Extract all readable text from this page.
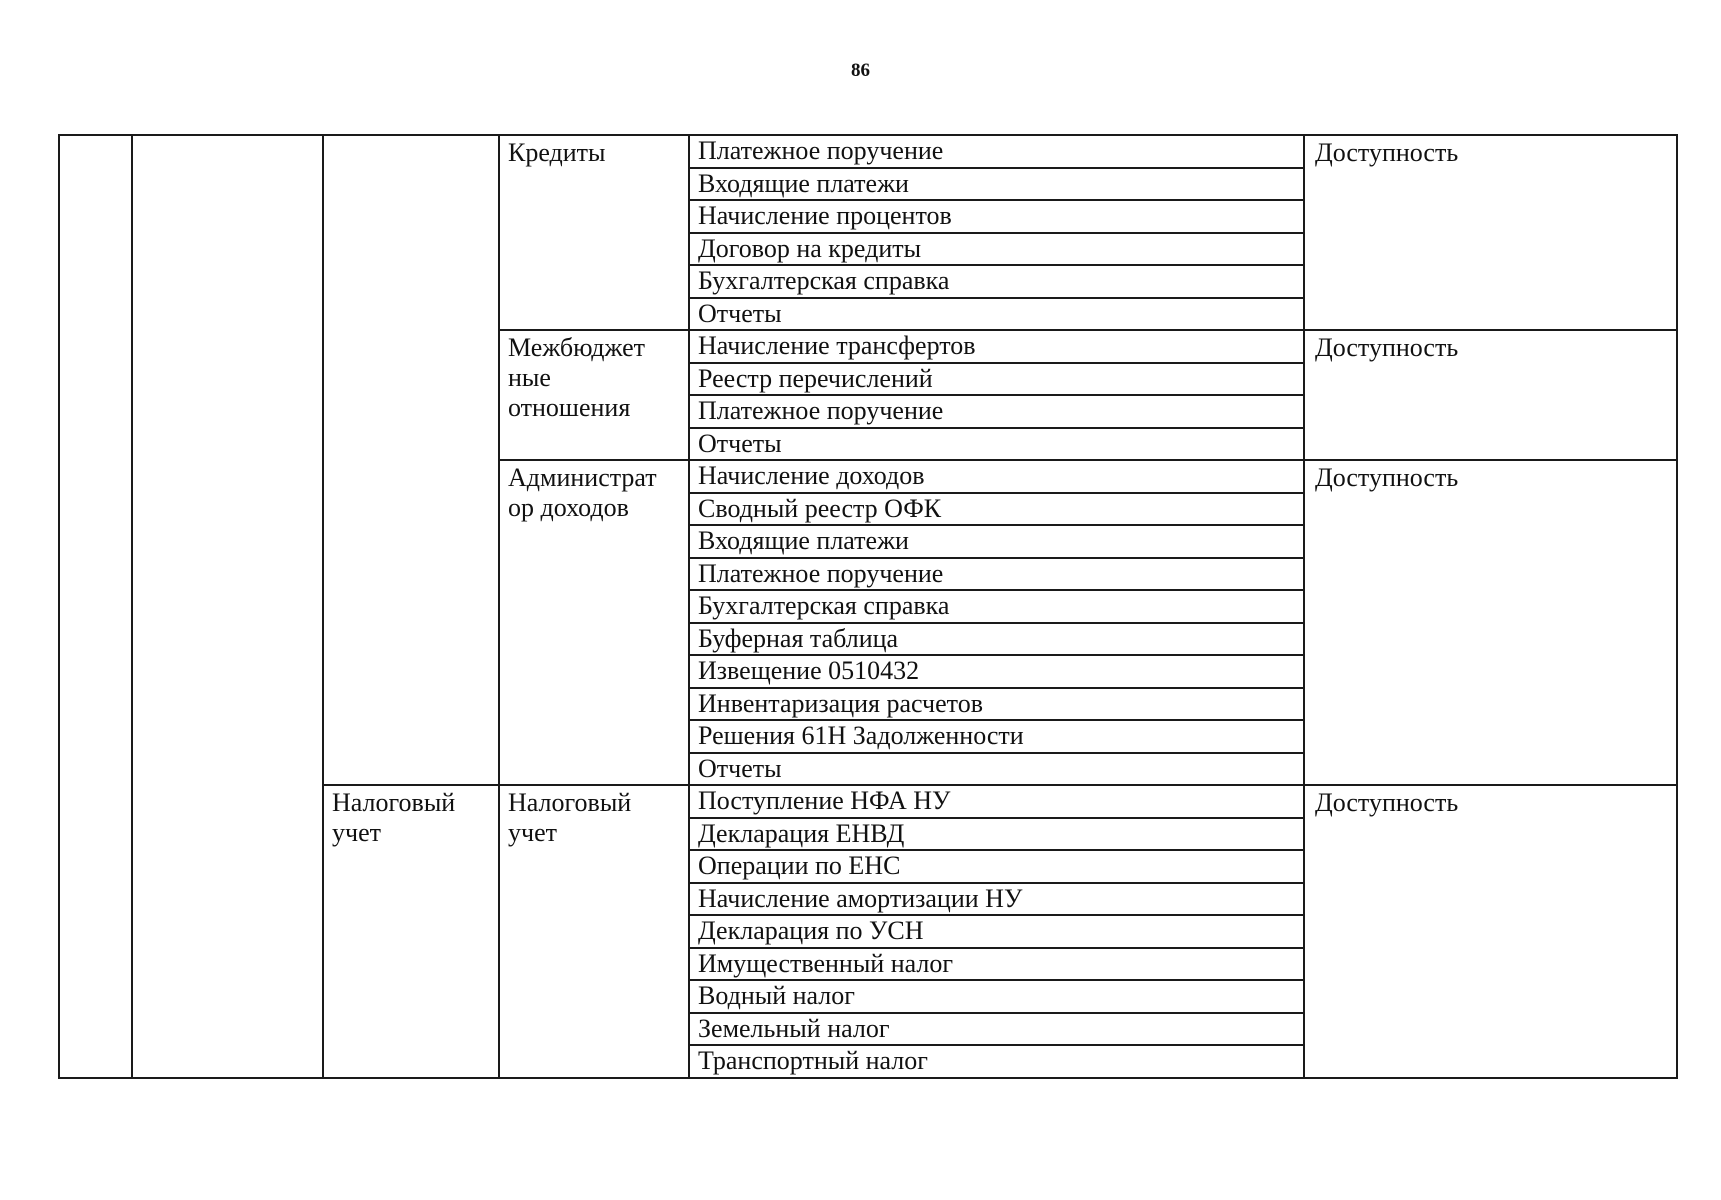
86

			Кредиты	Платежное поручение	Доступность
				Входящие платежи	
				Начисление процентов	
				Договор на кредиты	
				Бухгалтерская справка	
				Отчеты	

			Межбюджет
ные
отношения	Начисление трансфертов	Доступность
				Реестр перечислений	
				Платежное поручение	
				Отчеты	

			Администрат
ор доходов	Начисление доходов	Доступность
				Сводный реестр ОФК	
				Входящие платежи	
				Платежное поручение	
				Бухгалтерская справка	
				Буферная таблица	
				Извещение 0510432	
				Инвентаризация расчетов	
				Решения 61Н Задолженности	
				Отчеты	

		Налоговый
учет	Налоговый
учет	Поступление НФА НУ	Доступность
				Декларация ЕНВД	
				Операции по ЕНС	
				Начисление амортизации НУ	
				Декларация по УСН	
				Имущественный налог	
				Водный налог	
				Земельный налог	
				Транспортный налог	
